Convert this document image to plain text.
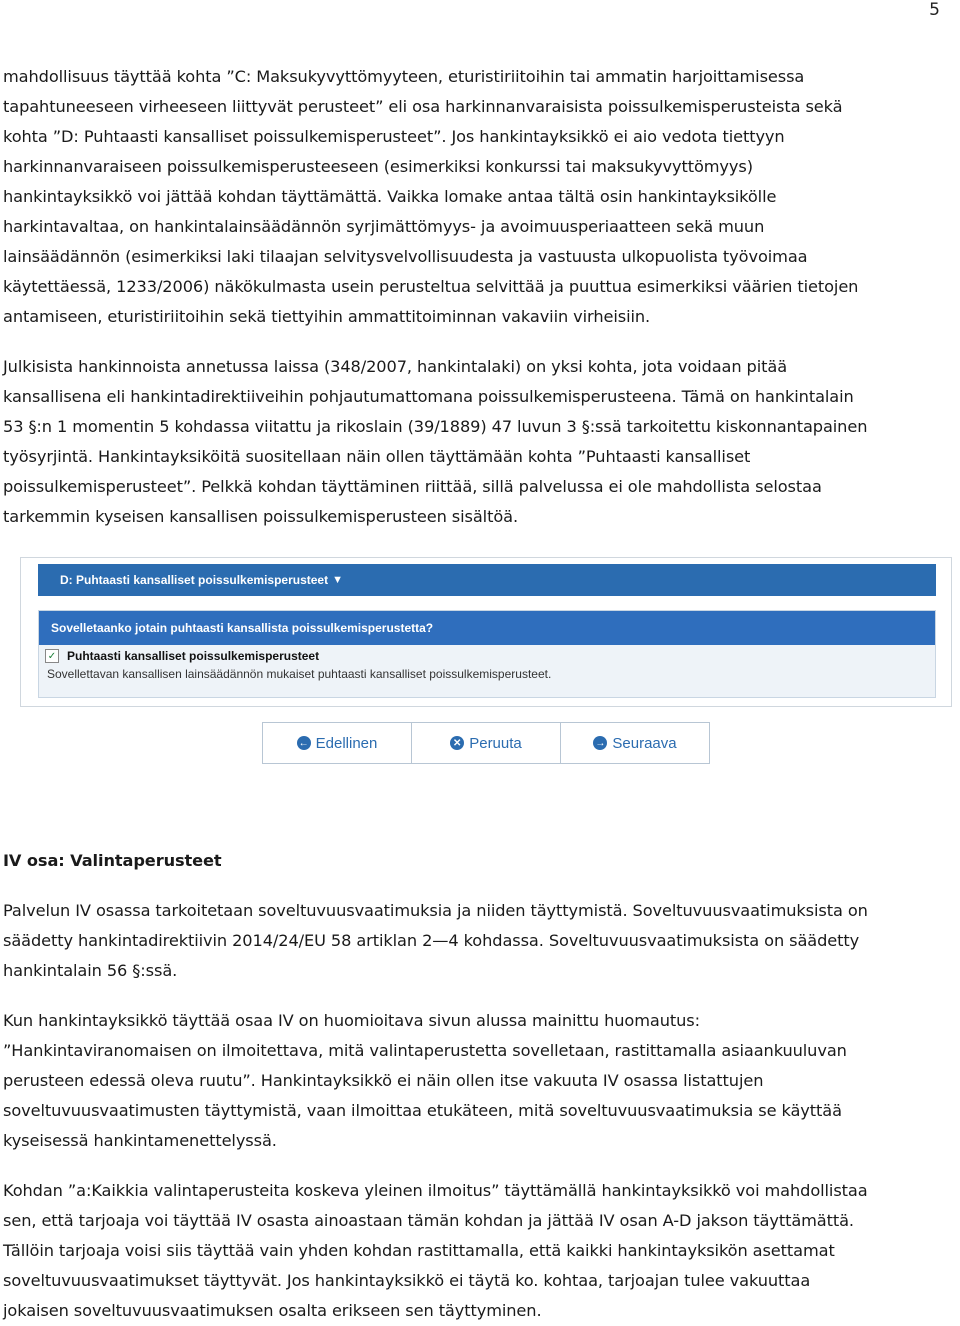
5

mahdollisuus täyttää kohta ”C: Maksukyvyttömyyteen, eturistiriitoihin tai ammatin harjoittamisessa

tapahtuneeseen virheeseen liittyvät perusteet” eli osa harkinnanvaraisista poissulkemisperusteista sekä

kohta ”D: Puhtaasti kansalliset poissulkemisperusteet”. Jos hankintayksikkö ei aio vedota tiettyyn

harkinnanvaraiseen poissulkemisperusteeseen (esimerkiksi konkurssi tai maksukyvyttömyys)

hankintayksikkö voi jättää kohdan täyttämättä. Vaikka lomake antaa tältä osin hankintayksikölle

harkintavaltaa, on hankintalainsäädännön syrjimättömyys- ja avoimuusperiaatteen sekä muun

lainsäädännön (esimerkiksi laki tilaajan selvitysvelvollisuudesta ja vastuusta ulkopuolista työvoimaa

käytettäessä, 1233/2006) näkökulmasta usein perusteltua selvittää ja puuttua esimerkiksi väärien tietojen

antamiseen, eturistiriitoihin sekä tiettyihin ammattitoiminnan vakaviin virheisiin.

Julkisista hankinnoista annetussa laissa (348/2007, hankintalaki) on yksi kohta, jota voidaan pitää

kansallisena eli hankintadirektiiveihin pohjautumattomana poissulkemisperusteena. Tämä on hankintalain

53 §:n 1 momentin 5 kohdassa viitattu ja rikoslain (39/1889) 47 luvun 3 §:ssä tarkoitettu kiskonnantapainen

työsyrjintä. Hankintayksiköitä suositellaan näin ollen täyttämään kohta ”Puhtaasti kansalliset

poissulkemisperusteet”. Pelkkä kohdan täyttäminen riittää, sillä palvelussa ei ole mahdollista selostaa

tarkemmin kyseisen kansallisen poissulkemisperusteen sisältöä.

D: Puhtaasti kansalliset poissulkemisperusteet ▼
Sovelletaanko jotain puhtaasti kansallista poissulkemisperustetta?
✓ Puhtaasti kansalliset poissulkemisperusteet
Sovellettavan kansallisen lainsäädännön mukaiset puhtaasti kansalliset poissulkemisperusteet.
← Edellinen	✕ Peruuta	→ Seuraava

IV osa: Valintaperusteet

Palvelun IV osassa tarkoitetaan soveltuvuusvaatimuksia ja niiden täyttymistä. Soveltuvuusvaatimuksista on

säädetty hankintadirektiivin 2014/24/EU 58 artiklan 2—4 kohdassa. Soveltuvuusvaatimuksista on säädetty

hankintalain 56 §:ssä.

Kun hankintayksikkö täyttää osaa IV on huomioitava sivun alussa mainittu huomautus:

”Hankintaviranomaisen on ilmoitettava, mitä valintaperustetta sovelletaan, rastittamalla asiaankuuluvan

perusteen edessä oleva ruutu”. Hankintayksikkö ei näin ollen itse vakuuta IV osassa listattujen

soveltuvuusvaatimusten täyttymistä, vaan ilmoittaa etukäteen, mitä soveltuvuusvaatimuksia se käyttää

kyseisessä hankintamenettelyssä.

Kohdan ”a:Kaikkia valintaperusteita koskeva yleinen ilmoitus” täyttämällä hankintayksikkö voi mahdollistaa

sen, että tarjoaja voi täyttää IV osasta ainoastaan tämän kohdan ja jättää IV osan A-D jakson täyttämättä.

Tällöin tarjoaja voisi siis täyttää vain yhden kohdan rastittamalla, että kaikki hankintayksikön asettamat

soveltuvuusvaatimukset täyttyvät. Jos hankintayksikkö ei täytä ko. kohtaa, tarjoajan tulee vakuuttaa

jokaisen soveltuvuusvaatimuksen osalta erikseen sen täyttyminen.
